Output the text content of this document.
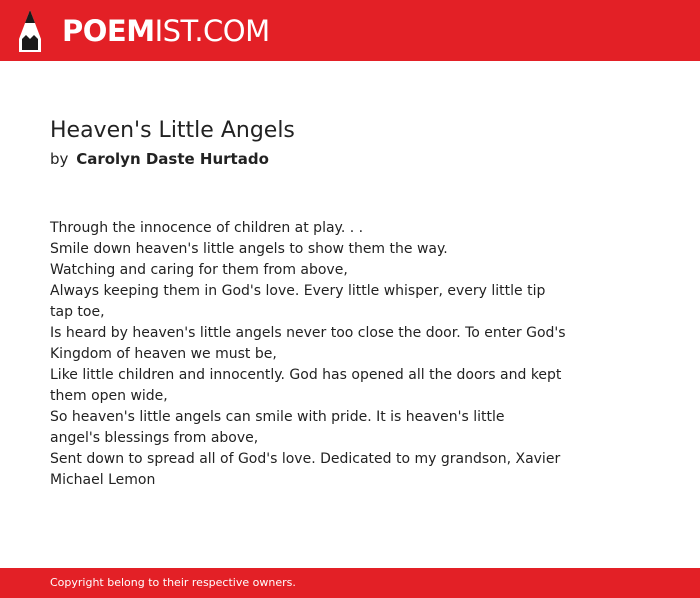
POEMIST.COM
Heaven's Little Angels
by Carolyn Daste Hurtado
Through the innocence of children at play. . .
Smile down heaven's little angels to show them the way.
Watching and caring for them from above,
Always keeping them in God's love. Every little whisper, every little tip
tap toe,
Is heard by heaven's little angels never too close the door. To enter God's
Kingdom of heaven we must be,
Like little children and innocently. God has opened all the doors and kept
them open wide,
So heaven's little angels can smile with pride. It is heaven's little
angel's blessings from above,
Sent down to spread all of God's love. Dedicated to my grandson, Xavier
Michael Lemon
Copyright belong to their respective owners.
